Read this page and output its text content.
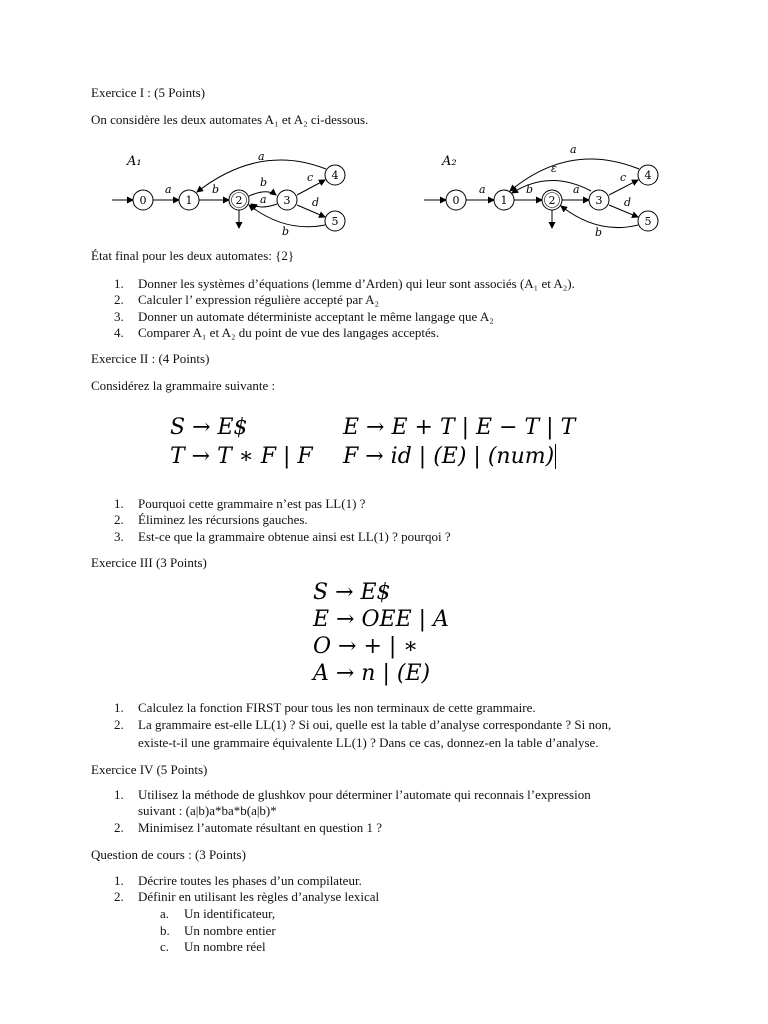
Exercice I : (5 Points)
On considère les deux automates A₁ et A₂ ci-dessous.
A₁
0
a
1
b
2
b
a 3
4
5
c
d
a
b
A₂
0
a
1
b
2
a
3
4
5
c
d
a
ε
b
État final pour les deux automates: {2}
1. Donner les systèmes d’équations (lemme d’Arden) qui leur sont associés (A₁ et A₂).
2. Calculer l’ expression régulière accepté par A₂
3. Donner un automate déterministe acceptant le même langage que A₂
4. Comparer A₁ et A₂ du point de vue des langages acceptés.
Exercice II : (4 Points)
Considérez la grammaire suivante :
S → E$	E → E + T | E − T | T
T → T ∗ F | F F → id | (E) | (num)
1. Pourquoi cette grammaire n’est pas LL(1) ?
2. Éliminez les récursions gauches.
3. Est-ce que la grammaire obtenue ainsi est LL(1) ? pourqoi ?
Exercice III (3 Points)
S → E$
E → OEE | A
O → + | ∗
A → n | (E)
1. Calculez la fonction FIRST pour tous les non terminaux de cette grammaire.
2. La grammaire est-elle LL(1) ? Si oui, quelle est la table d’analyse correspondante ? Si non,
existe-t-il une grammaire équivalente LL(1) ? Dans ce cas, donnez-en la table d’analyse.
Exercice IV (5 Points)
1. Utilisez la méthode de glushkov pour déterminer l’automate qui reconnais l’expression
suivant : (a|b)a*ba*b(a|b)*
2. Minimisez l’automate résultant en question 1 ?
Question de cours : (3 Points)
1. Décrire toutes les phases d’un compilateur.
2. Définir en utilisant les règles d’analyse lexical
a. Un identificateur,
b. Un nombre entier
c. Un nombre réel
